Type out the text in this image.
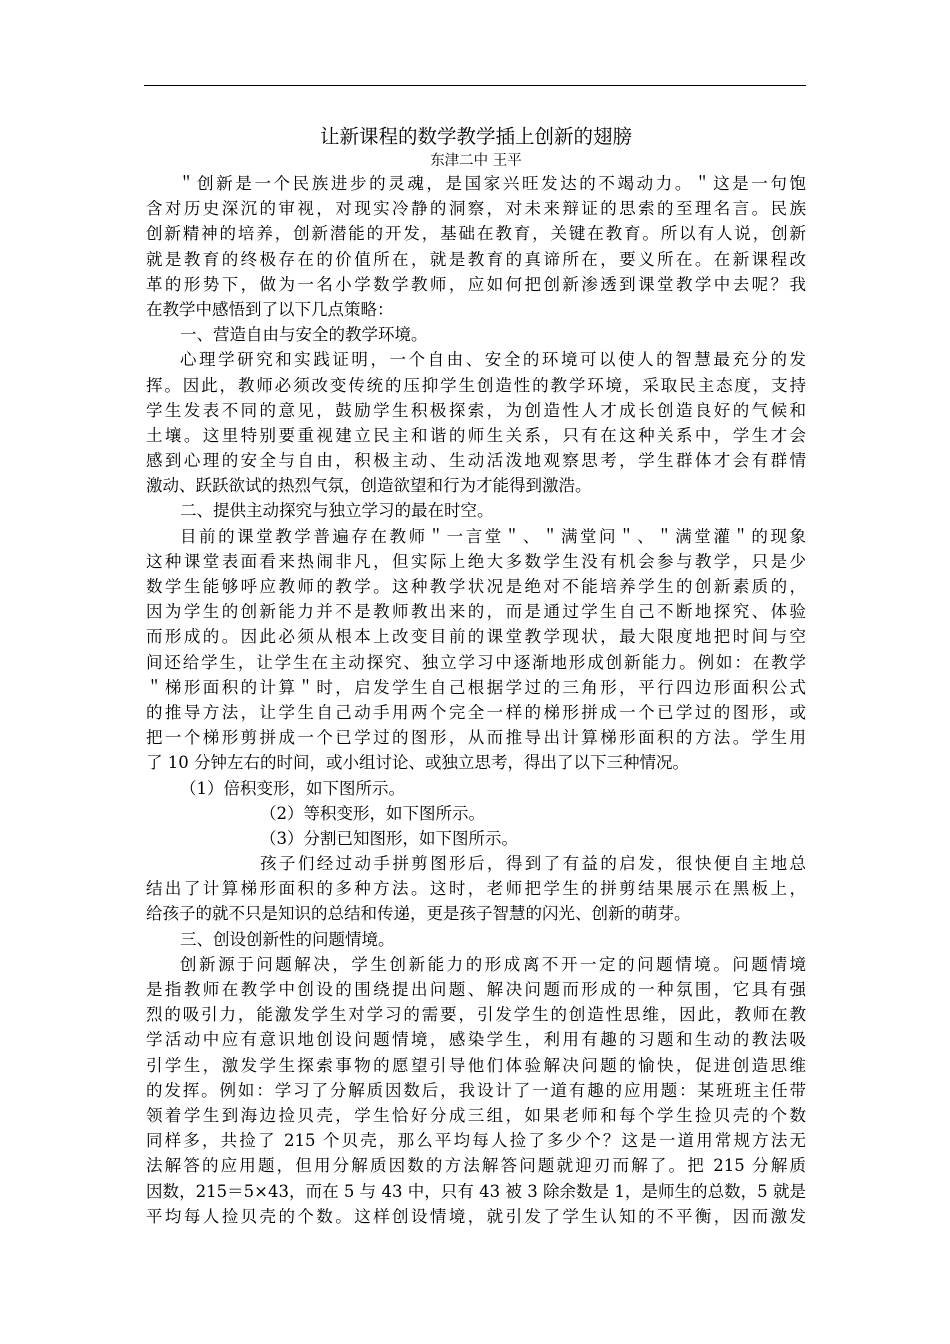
让新课程的数学教学插上创新的翅膀
东津二中 王平
＂创新是一个民族进步的灵魂，是国家兴旺发达的不竭动力。＂这是一句饱
含对历史深沉的审视，对现实冷静的洞察，对未来辩证的思索的至理名言。民族
创新精神的培养，创新潜能的开发，基础在教育，关键在教育。所以有人说，创新
就是教育的终极存在的价值所在，就是教育的真谛所在，要义所在。在新课程改
革的形势下，做为一名小学数学教师，应如何把创新渗透到课堂教学中去呢？我
在教学中感悟到了以下几点策略：
一、营造自由与安全的教学环境。
心理学研究和实践证明，一个自由、安全的环境可以使人的智慧最充分的发
挥。因此，教师必须改变传统的压抑学生创造性的教学环境，采取民主态度，支持
学生发表不同的意见，鼓励学生积极探索，为创造性人才成长创造良好的气候和
土壤。这里特别要重视建立民主和谐的师生关系，只有在这种关系中，学生才会
感到心理的安全与自由，积极主动、生动活泼地观察思考，学生群体才会有群情
激动、跃跃欲试的热烈气氛，创造欲望和行为才能得到激浩。
二、提供主动探究与独立学习的最在时空。
目前的课堂教学普遍存在教师＂一言堂＂、＂满堂问＂、＂满堂灌＂的现象
这种课堂表面看来热闹非凡，但实际上绝大多数学生没有机会参与教学，只是少
数学生能够呼应教师的教学。这种教学状况是绝对不能培养学生的创新素质的，
因为学生的创新能力并不是教师教出来的，而是通过学生自己不断地探究、体验
而形成的。因此必须从根本上改变目前的课堂教学现状，最大限度地把时间与空
间还给学生，让学生在主动探究、独立学习中逐渐地形成创新能力。例如：在教学
＂梯形面积的计算＂时，启发学生自己根据学过的三角形，平行四边形面积公式
的推导方法，让学生自己动手用两个完全一样的梯形拼成一个已学过的图形，或
把一个梯形剪拼成一个已学过的图形，从而推导出计算梯形面积的方法。学生用
了 10 分钟左右的时间，或小组讨论、或独立思考，得出了以下三种情况。
（1）倍积变形，如下图所示。
（2）等积变形，如下图所示。
（3）分割已知图形，如下图所示。
孩子们经过动手拼剪图形后，得到了有益的启发，很快便自主地总
结出了计算梯形面积的多种方法。这时，老师把学生的拼剪结果展示在黑板上，
给孩子的就不只是知识的总结和传递，更是孩子智慧的闪光、创新的萌芽。
三、创设创新性的问题情境。
创新源于问题解决，学生创新能力的形成离不开一定的问题情境。问题情境
是指教师在教学中创设的围绕提出问题、解决问题而形成的一种氛围，它具有强
烈的吸引力，能激发学生对学习的需要，引发学生的创造性思维，因此，教师在教
学活动中应有意识地创设问题情境，感染学生，利用有趣的习题和生动的教法吸
引学生，激发学生探索事物的愿望引导他们体验解决问题的愉快，促进创造思维
的发挥。例如：学习了分解质因数后，我设计了一道有趣的应用题：某班班主任带
领着学生到海边捡贝壳，学生恰好分成三组，如果老师和每个学生捡贝壳的个数
同样多，共捡了 215 个贝壳，那么平均每人捡了多少个？这是一道用常规方法无
法解答的应用题，但用分解质因数的方法解答问题就迎刃而解了。把 215 分解质
因数，215＝5×43，而在 5 与 43 中，只有 43 被 3 除余数是 1，是师生的总数，5 就是
平均每人捡贝壳的个数。这样创设情境，就引发了学生认知的不平衡，因而激发
